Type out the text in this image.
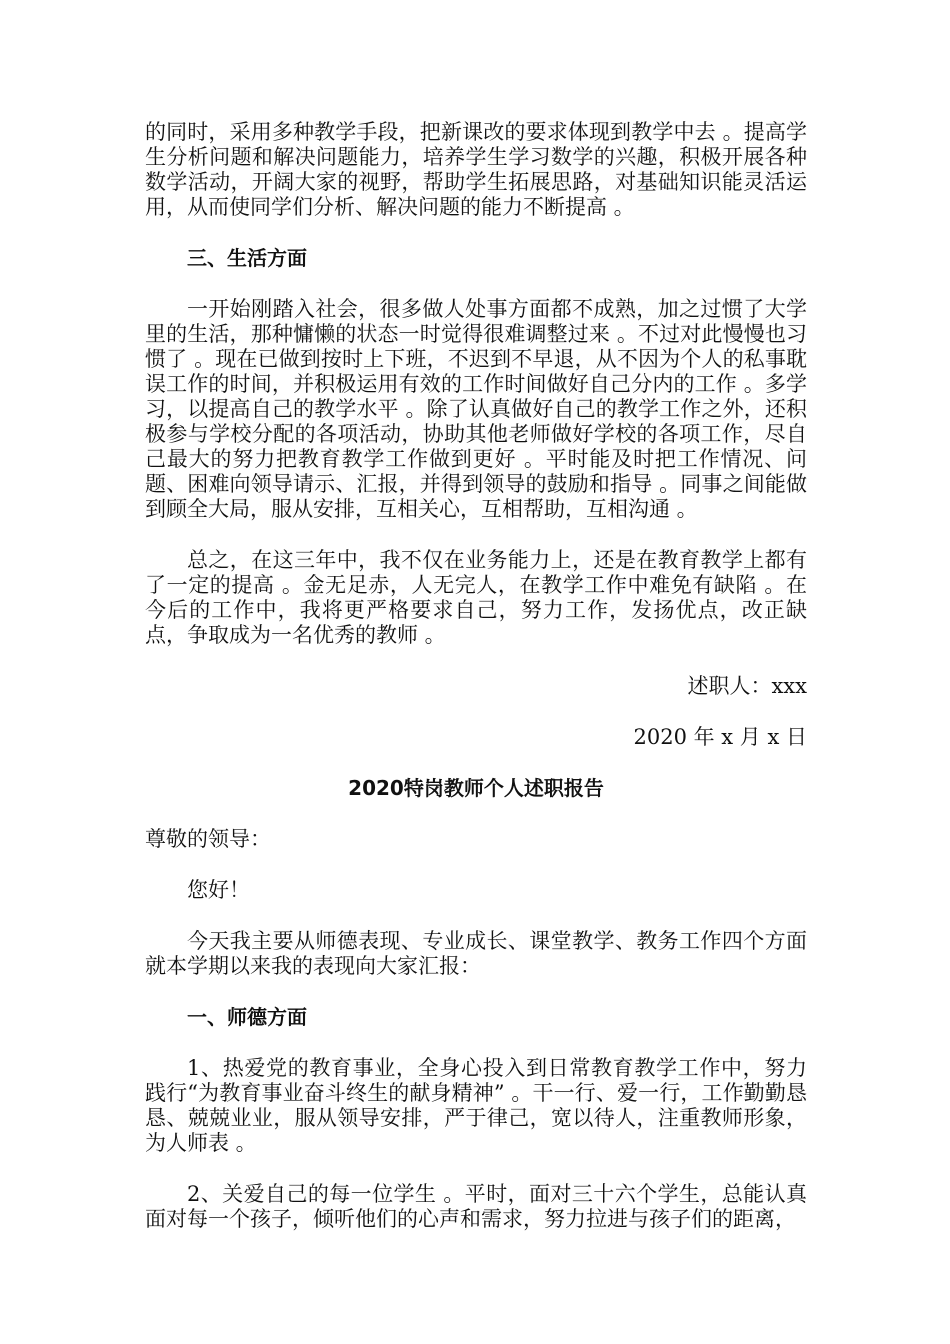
的同时，采用多种教学手段，把新课改的要求体现到教学中去 。提高学生分析问题和解决问题能力，培养学生学习数学的兴趣，积极开展各种数学活动，开阔大家的视野，帮助学生拓展思路，对基础知识能灵活运用，从而使同学们分析、解决问题的能力不断提高 。

三、生活方面

一开始刚踏入社会，很多做人处事方面都不成熟，加之过惯了大学里的生活，那种慵懒的状态一时觉得很难调整过来 。不过对此慢慢也习惯了 。现在已做到按时上下班，不迟到不早退，从不因为个人的私事耽误工作的时间，并积极运用有效的工作时间做好自己分内的工作 。多学习，以提高自己的教学水平 。除了认真做好自己的教学工作之外，还积极参与学校分配的各项活动，协助其他老师做好学校的各项工作，尽自己最大的努力把教育教学工作做到更好 。平时能及时把工作情况、问题、困难向领导请示、汇报，并得到领导的鼓励和指导 。同事之间能做到顾全大局，服从安排，互相关心，互相帮助，互相沟通 。

总之，在这三年中，我不仅在业务能力上，还是在教育教学上都有了一定的提高 。金无足赤，人无完人，在教学工作中难免有缺陷 。在今后的工作中，我将更严格要求自己，努力工作，发扬优点，改正缺点，争取成为一名优秀的教师 。

述职人：xxx

2020 年 x 月 x 日

2020特岗教师个人述职报告

尊敬的领导：

您好！

今天我主要从师德表现、专业成长、课堂教学、教务工作四个方面就本学期以来我的表现向大家汇报：

一、师德方面

1、热爱党的教育事业，全身心投入到日常教育教学工作中，努力践行“为教育事业奋斗终生的献身精神” 。干一行、爱一行，工作勤勤恳恳、兢兢业业，服从领导安排，严于律己，宽以待人，注重教师形象，为人师表 。

2、关爱自己的每一位学生 。平时，面对三十六个学生，总能认真面对每一个孩子，倾听他们的心声和需求，努力拉进与孩子们的距离，
